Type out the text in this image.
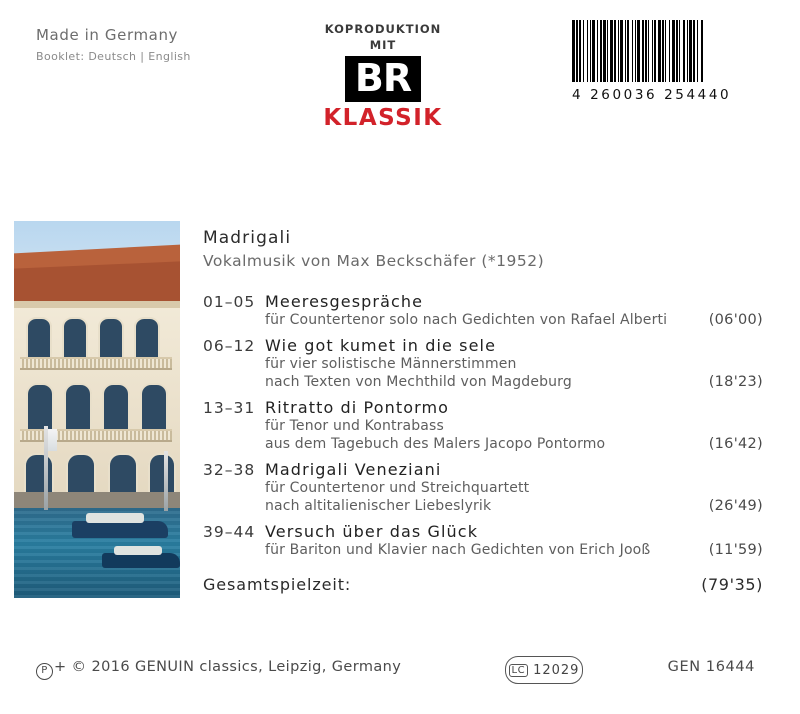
Made in Germany
Booklet: Deutsch | English
KOPRODUKTION
MIT
BR
KLASSIK
4 260036 254440
Madrigali
Vokalmusik von Max Beckschäfer (*1952)
01–05 Meeresgespräche
für Countertenor solo nach Gedichten von Rafael Alberti	(06'00)
06–12 Wie got kumet in die sele
für vier solistische Männerstimmen
nach Texten von Mechthild von Magdeburg	(18'23)
13–31 Ritratto di Pontormo
für Tenor und Kontrabass
aus dem Tagebuch des Malers Jacopo Pontormo	(16'42)
32–38 Madrigali Veneziani
für Countertenor und Streichquartett
nach altitalienischer Liebeslyrik	(26'49)
39–44 Versuch über das Glück
für Bariton und Klavier nach Gedichten von Erich Jooß	(11'59)
Gesamtspielzeit:	(79'35)
P + © 2016 GENUIN classics, Leipzig, Germany	LC 12029	GEN 16444
